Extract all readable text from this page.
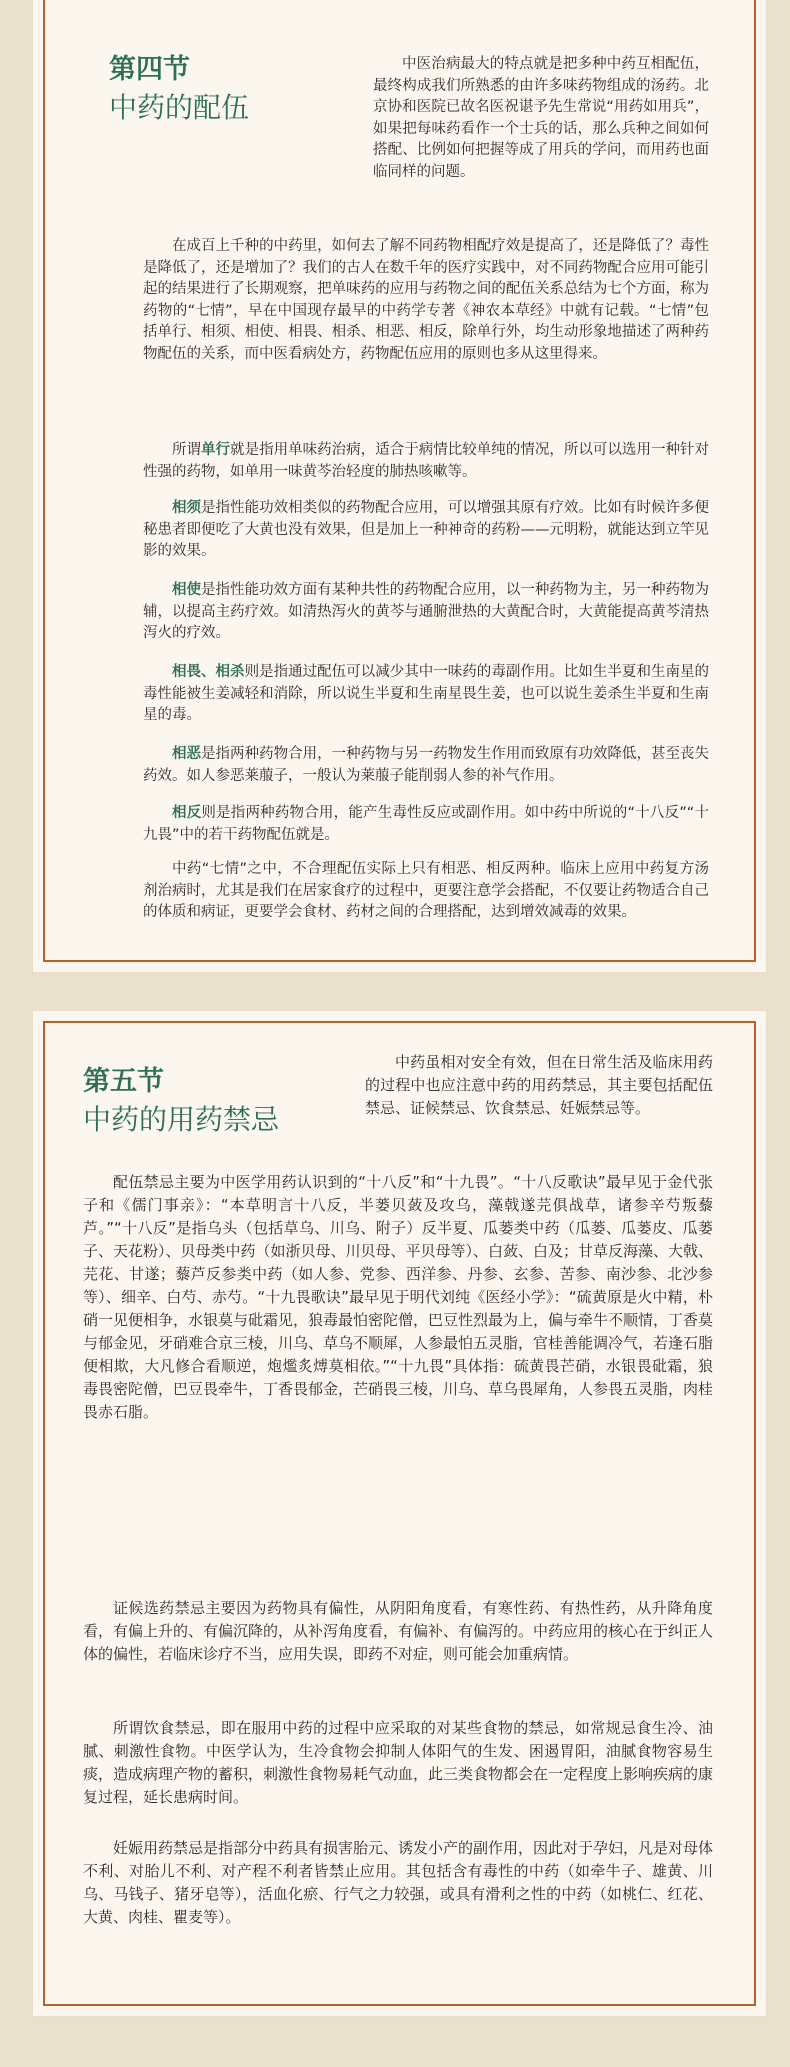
第四节
中药的配伍

中医治病最大的特点就是把多种中药互相配伍，最终构成我们所熟悉的由许多味药物组成的汤药。北京协和医院已故名医祝谌予先生常说“用药如用兵”，如果把每味药看作一个士兵的话，那么兵种之间如何搭配、比例如何把握等成了用兵的学问，而用药也面临同样的问题。

在成百上千种的中药里，如何去了解不同药物相配疗效是提高了，还是降低了？毒性是降低了，还是增加了？我们的古人在数千年的医疗实践中，对不同药物配合应用可能引起的结果进行了长期观察，把单味药的应用与药物之间的配伍关系总结为七个方面，称为药物的“七情”，早在中国现存最早的中药学专著《神农本草经》中就有记载。“七情”包括单行、相须、相使、相畏、相杀、相恶、相反，除单行外，均生动形象地描述了两种药物配伍的关系，而中医看病处方，药物配伍应用的原则也多从这里得来。

所谓单行就是指用单味药治病，适合于病情比较单纯的情况，所以可以选用一种针对性强的药物，如单用一味黄芩治轻度的肺热咳嗽等。

相须是指性能功效相类似的药物配合应用，可以增强其原有疗效。比如有时候许多便秘患者即便吃了大黄也没有效果，但是加上一种神奇的药粉——元明粉，就能达到立竿见影的效果。

相使是指性能功效方面有某种共性的药物配合应用，以一种药物为主，另一种药物为辅，以提高主药疗效。如清热泻火的黄芩与通腑泄热的大黄配合时，大黄能提高黄芩清热泻火的疗效。

相畏、相杀则是指通过配伍可以减少其中一味药的毒副作用。比如生半夏和生南星的毒性能被生姜减轻和消除，所以说生半夏和生南星畏生姜，也可以说生姜杀生半夏和生南星的毒。

相恶是指两种药物合用，一种药物与另一药物发生作用而致原有功效降低，甚至丧失药效。如人参恶莱菔子，一般认为莱菔子能削弱人参的补气作用。

相反则是指两种药物合用，能产生毒性反应或副作用。如中药中所说的“十八反”“十九畏”中的若干药物配伍就是。

中药“七情”之中，不合理配伍实际上只有相恶、相反两种。临床上应用中药复方汤剂治病时，尤其是我们在居家食疗的过程中，更要注意学会搭配，不仅要让药物适合自己的体质和病证，更要学会食材、药材之间的合理搭配，达到增效减毒的效果。

第五节
中药的用药禁忌

中药虽相对安全有效，但在日常生活及临床用药的过程中也应注意中药的用药禁忌，其主要包括配伍禁忌、证候禁忌、饮食禁忌、妊娠禁忌等。

配伍禁忌主要为中医学用药认识到的“十八反”和“十九畏”。“十八反歌诀”最早见于金代张子和《儒门事亲》：“本草明言十八反，半蒌贝蔹及攻乌，藻戟遂芫俱战草，诸参辛芍叛藜芦。”“十八反”是指乌头（包括草乌、川乌、附子）反半夏、瓜蒌类中药（瓜蒌、瓜蒌皮、瓜蒌子、天花粉）、贝母类中药（如浙贝母、川贝母、平贝母等）、白蔹、白及；甘草反海藻、大戟、芫花、甘遂；藜芦反参类中药（如人参、党参、西洋参、丹参、玄参、苦参、南沙参、北沙参等）、细辛、白芍、赤芍。“十九畏歌诀”最早见于明代刘纯《医经小学》：“硫黄原是火中精，朴硝一见便相争，水银莫与砒霜见，狼毒最怕密陀僧，巴豆性烈最为上，偏与牵牛不顺情，丁香莫与郁金见，牙硝难合京三棱，川乌、草乌不顺犀，人参最怕五灵脂，官桂善能调冷气，若逢石脂便相欺，大凡修合看顺逆，炮爁炙煿莫相依。”“十九畏”具体指：硫黄畏芒硝，水银畏砒霜，狼毒畏密陀僧，巴豆畏牵牛，丁香畏郁金，芒硝畏三棱，川乌、草乌畏犀角，人参畏五灵脂，肉桂畏赤石脂。

证候选药禁忌主要因为药物具有偏性，从阴阳角度看，有寒性药、有热性药，从升降角度看，有偏上升的、有偏沉降的，从补泻角度看，有偏补、有偏泻的。中药应用的核心在于纠正人体的偏性，若临床诊疗不当，应用失误，即药不对症，则可能会加重病情。

所谓饮食禁忌，即在服用中药的过程中应采取的对某些食物的禁忌，如常规忌食生冷、油腻、刺激性食物。中医学认为，生冷食物会抑制人体阳气的生发、困遏胃阳，油腻食物容易生痰，造成病理产物的蓄积，刺激性食物易耗气动血，此三类食物都会在一定程度上影响疾病的康复过程，延长患病时间。

妊娠用药禁忌是指部分中药具有损害胎元、诱发小产的副作用，因此对于孕妇，凡是对母体不利、对胎儿不利、对产程不利者皆禁止应用。其包括含有毒性的中药（如牵牛子、雄黄、川乌、马钱子、猪牙皂等），活血化瘀、行气之力较强，或具有滑利之性的中药（如桃仁、红花、大黄、肉桂、瞿麦等）。
